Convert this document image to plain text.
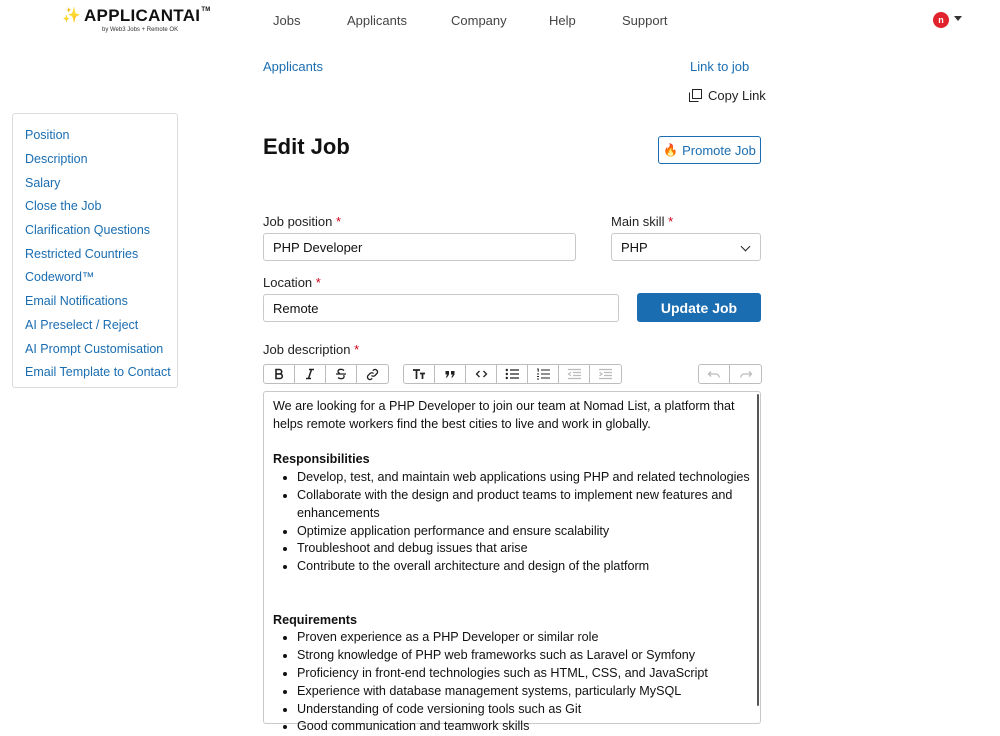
✨ APPLICANTAI TM
by Web3 Jobs + Remote OK
Jobs	Applicants	Company	Help	Support	n
Applicants	Link to job
Copy Link
Position
Description
Salary
Close the Job
Clarification Questions
Restricted Countries
Codeword™
Email Notifications
AI Preselect / Reject
AI Prompt Customisation
Email Template to Contact
Edit Job	🔥 Promote Job
Job position *
PHP Developer
Main skill *
PHP
Location *
Remote	Update Job
Job description *

We are looking for a PHP Developer to join our team at Nomad List, a platform that helps remote workers find the best cities to live and work in globally.

Responsibilities
• Develop, test, and maintain web applications using PHP and related technologies
• Collaborate with the design and product teams to implement new features and enhancements
• Optimize application performance and ensure scalability
• Troubleshoot and debug issues that arise
• Contribute to the overall architecture and design of the platform
Requirements
• Proven experience as a PHP Developer or similar role
• Strong knowledge of PHP web frameworks such as Laravel or Symfony
• Proficiency in front-end technologies such as HTML, CSS, and JavaScript
• Experience with database management systems, particularly MySQL
• Understanding of code versioning tools such as Git
• Good communication and teamwork skills
